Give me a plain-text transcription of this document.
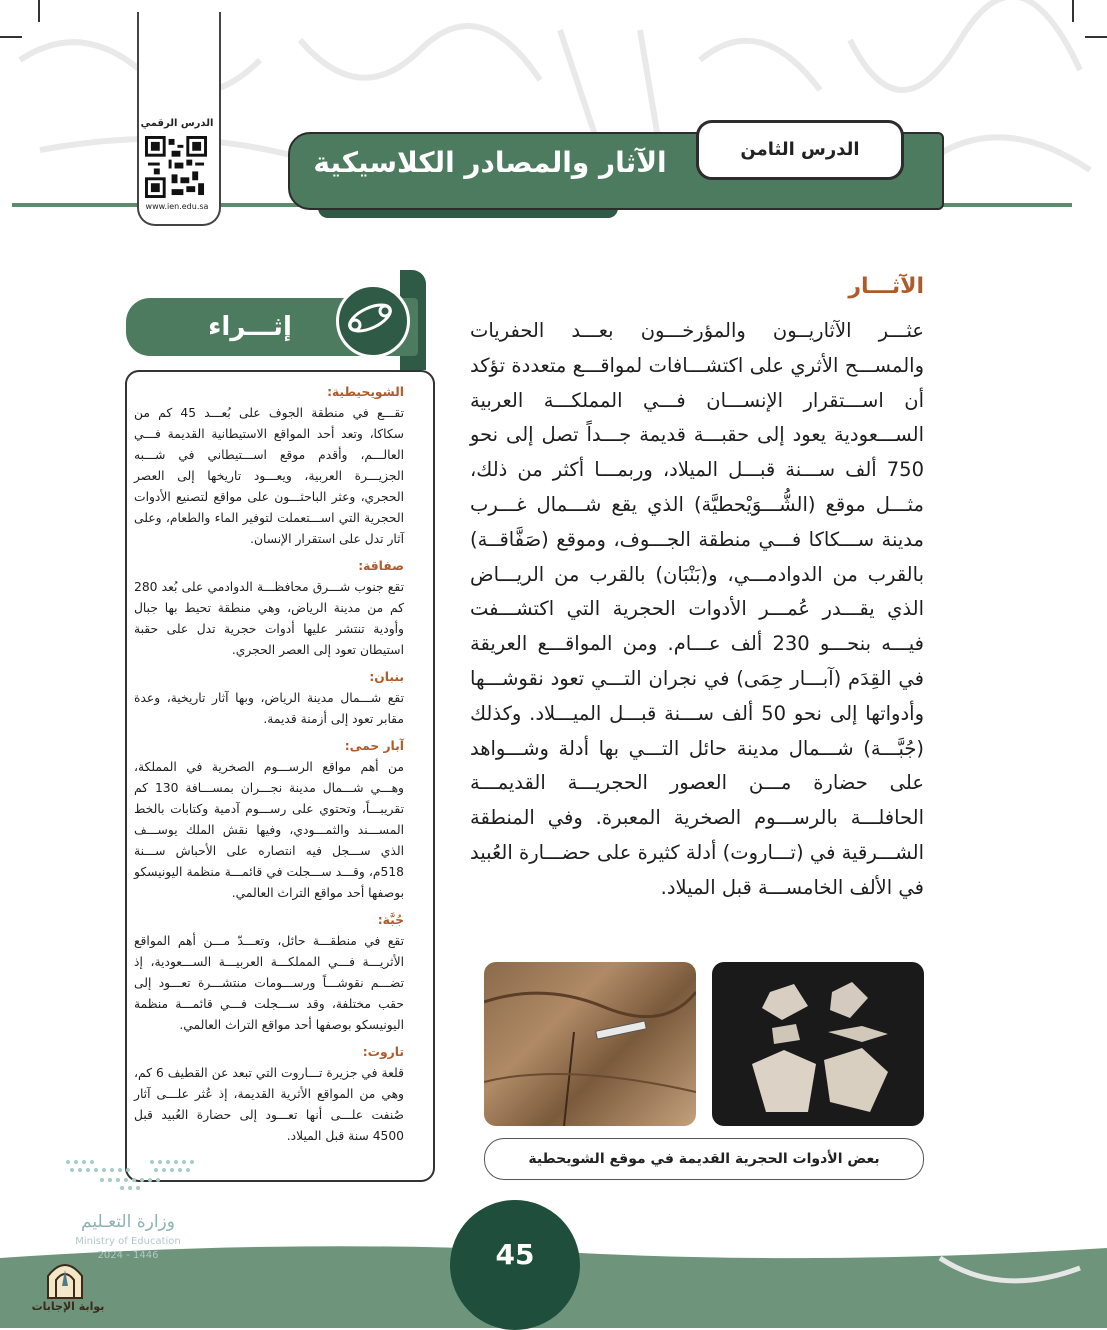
الدرس الرقمي
www.ien.edu.sa
الآثار والمصادر الكلاسيكية	الدرس الثامن
الآثـــار
عثـــر الآثاريــون والمؤرخـــون بعـــد الحفريات والمســـح الأثري على اكتشـــافات لمواقـــع متعددة تؤكد أن اســـتقرار الإنســـان فـــي المملكـــة العربية الســـعودية يعود إلى حقبـــة قديمة جـــداً تصل إلى نحو 750 ألف ســـنة قبـــل الميلاد، وربمـــا أكثر من ذلك، مثـــل موقع (الشُّـــوَيْحطيَّة) الذي يقع شـــمال غـــرب مدينة ســـكاكا فـــي منطقة الجـــوف، وموقع (صَفَّاقــة) بالقرب من الدوادمـــي، و(بَنْبَان) بالقرب من الريـــاض الذي يقـــدر عُمـــر الأدوات الحجرية التي اكتشـــفت فيـــه بنحـــو 230 ألف عـــام. ومن المواقـــع العريقة في القِدَم (آبـــار حِمَى) في نجران التـــي تعود نقوشـــها وأدواتها إلى نحو 50 ألف ســـنة قبـــل الميـــلاد. وكذلك (جُبَّـــة) شـــمال مدينة حائل التـــي بها أدلة وشـــواهد على حضارة مـــن العصور الحجريـــة القديمـــة الحافلـــة بالرســـوم الصخرية المعبرة. وفي المنطقة الشـــرقية في (تـــاروت) أدلة كثيرة على حضـــارة العُبيد في الألف الخامســـة قبل الميلاد.
بعض الأدوات الحجرية القديمة في موقع الشويحطية
إثـــراء
الشويحيطية:
تقـــع في منطقة الجوف على بُعـــد 45 كم من سكاكا، وتعد أحد المواقع الاستيطانية القديمة فـــي العالـــم، وأقدم موقع اســـتيطاني في شـــبه الجزيـــرة العربية، ويعـــود تاريخها إلى العصر الحجري، وعثر الباحثـــون على مواقع لتصنيع الأدوات الحجرية التي اســـتعملت لتوفير الماء والطعام، وعلى آثار تدل على استقرار الإنسان.
صفاقة:
تقع جنوب شـــرق محافظـــة الدوادمي على بُعد 280 كم من مدينة الرياض، وهي منطقة تحيط بها جبال وأودية تنتشر عليها أدوات حجرية تدل على حقبة استيطان تعود إلى العصر الحجري.
بنبان:
تقع شـــمال مدينة الرياض، وبها آثار تاريخية، وعدة مقابر تعود إلى أزمنة قديمة.
آبار حمى:
من أهم مواقع الرســـوم الصخرية في المملكة، وهـــي شـــمال مدينة نجـــران بمســـافة 130 كم تقريبـــاً، وتحتوي على رســـوم آدمية وكتابات بالخط المســـند والثمـــودي، وفيها نقش الملك يوســـف الذي ســـجل فيه انتصاره على الأحباش ســـنة 518م، وقـــد ســـجلت في قائمـــة منظمة اليونيسكو بوصفها أحد مواقع التراث العالمي.
جُبَّة:
تقع في منطقـــة حائل، وتعـــدّ مـــن أهم المواقع الأثريـــة فـــي المملكـــة العربيـــة الســـعودية، إذ تضـــم نقوشـــاً ورســـومات منتشـــرة تعـــود إلى حقب مختلفة، وقد ســـجلت فـــي قائمـــة منظمة اليونيسكو بوصفها أحد مواقع التراث العالمي.
تاروت:
قلعة في جزيرة تـــاروت التي تبعد عن القطيف 6 كم، وهي من المواقع الأثرية القديمة، إذ عُثر علـــى آثار صُنفت علـــى أنها تعـــود إلى حضارة العُبيد قبل 4500 سنة قبل الميلاد.
45
وزارة التعـليم
Ministry of Education
2024 - 1446
بوابة الإجابات
